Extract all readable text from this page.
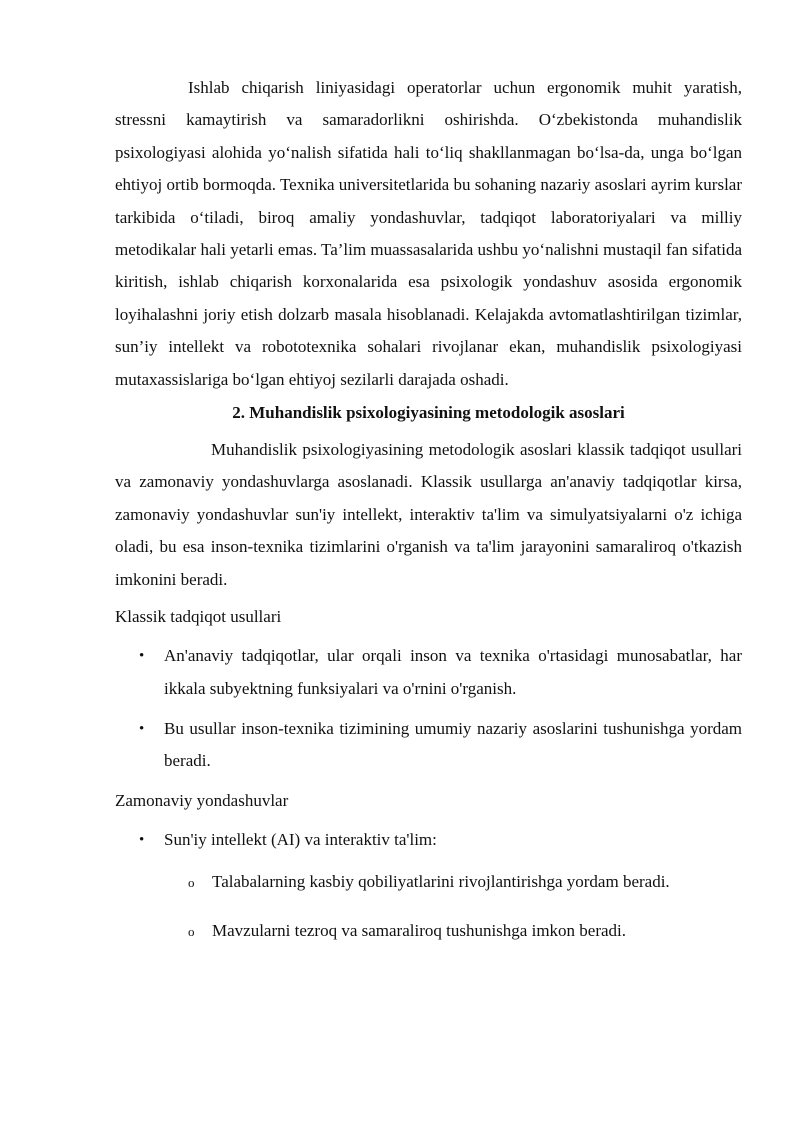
Ishlab chiqarish liniyasidagi operatorlar uchun ergonomik muhit yaratish, stressni kamaytirish va samaradorlikni oshirishda. O‘zbekistonda muhandislik psixologiyasi alohida yo‘nalish sifatida hali to‘liq shakllanmagan bo‘lsa-da, unga bo‘lgan ehtiyoj ortib bormoqda. Texnika universitetlarida bu sohaning nazariy asoslari ayrim kurslar tarkibida o‘tiladi, biroq amaliy yondashuvlar, tadqiqot laboratoriyalari va milliy metodikalar hali yetarli emas. Ta’lim muassasalarida ushbu yo‘nalishni mustaqil fan sifatida kiritish, ishlab chiqarish korxonalarida esa psixologik yondashuv asosida ergonomik loyihalashni joriy etish dolzarb masala hisoblanadi. Kelajakda avtomatlashtirilgan tizimlar, sun’iy intellekt va robototexnika sohalari rivojlanar ekan, muhandislik psixologiyasi mutaxassislariga bo‘lgan ehtiyoj sezilarli darajada oshadi.

2. Muhandislik psixologiyasining metodologik asoslari

Muhandislik psixologiyasining metodologik asoslari klassik tadqiqot usullari va zamonaviy yondashuvlarga asoslanadi. Klassik usullarga an'anaviy tadqiqotlar kirsa, zamonaviy yondashuvlar sun'iy intellekt, interaktiv ta'lim va simulyatsiyalarni o'z ichiga oladi, bu esa inson-texnika tizimlarini o'rganish va ta'lim jarayonini samaraliroq o'tkazish imkonini beradi.

Klassik tadqiqot usullari

• An'anaviy tadqiqotlar, ular orqali inson va texnika o'rtasidagi munosabatlar, har ikkala subyektning funksiyalari va o'rnini o'rganish.
• Bu usullar inson-texnika tizimining umumiy nazariy asoslarini tushunishga yordam beradi.

Zamonaviy yondashuvlar

• Sun'iy intellekt (AI) va interaktiv ta'lim:
o Talabalarning kasbiy qobiliyatlarini rivojlantirishga yordam beradi.
o Mavzularni tezroq va samaraliroq tushunishga imkon beradi.
